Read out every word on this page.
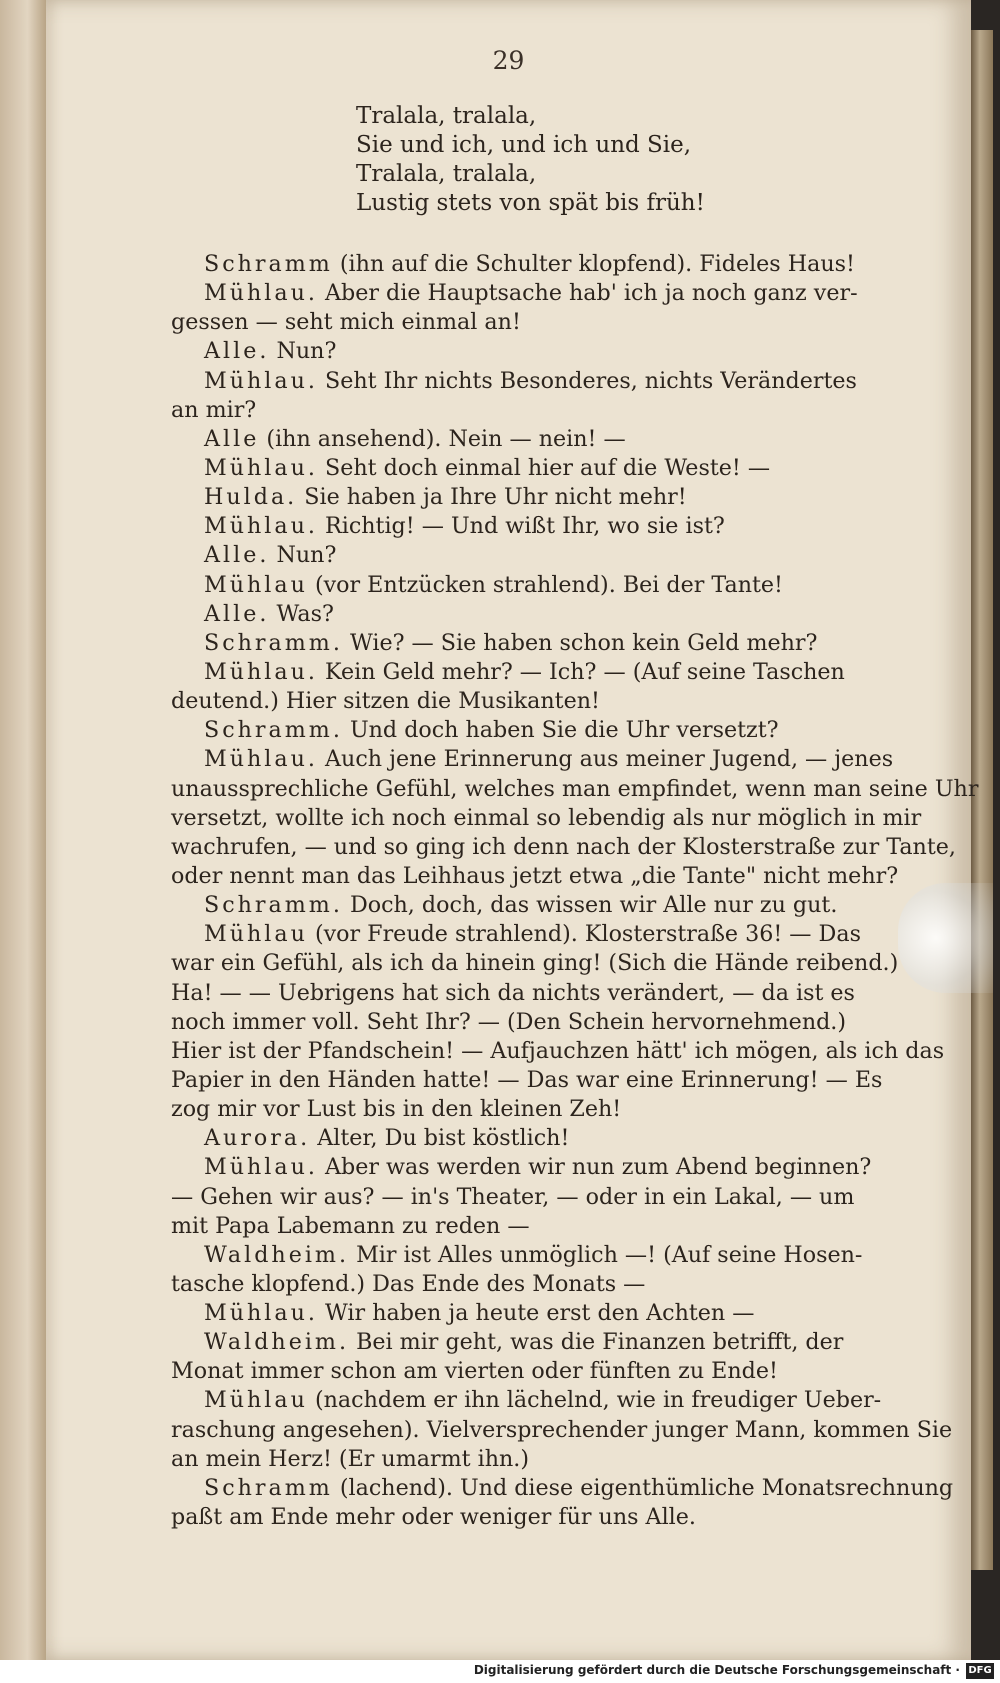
29
Tralala, tralala,
Sie und ich, und ich und Sie,
Tralala, tralala,
Lustig stets von spät bis früh!
Schramm (ihn auf die Schulter klopfend). Fideles Haus!
Mühlau. Aber die Hauptsache hab' ich ja noch ganz ver-
gessen — seht mich einmal an!
Alle. Nun?
Mühlau. Seht Ihr nichts Besonderes, nichts Verändertes
an mir?
Alle (ihn ansehend). Nein — nein! —
Mühlau. Seht doch einmal hier auf die Weste! —
Hulda. Sie haben ja Ihre Uhr nicht mehr!
Mühlau. Richtig! — Und wißt Ihr, wo sie ist?
Alle. Nun?
Mühlau (vor Entzücken strahlend). Bei der Tante!
Alle. Was?
Schramm. Wie? — Sie haben schon kein Geld mehr?
Mühlau. Kein Geld mehr? — Ich? — (Auf seine Taschen
deutend.) Hier sitzen die Musikanten!
Schramm. Und doch haben Sie die Uhr versetzt?
Mühlau. Auch jene Erinnerung aus meiner Jugend, — jenes
unaussprechliche Gefühl, welches man empfindet, wenn man seine Uhr
versetzt, wollte ich noch einmal so lebendig als nur möglich in mir
wachrufen, — und so ging ich denn nach der Klosterstraße zur Tante,
oder nennt man das Leihhaus jetzt etwa „die Tante" nicht mehr?
Schramm. Doch, doch, das wissen wir Alle nur zu gut.
Mühlau (vor Freude strahlend). Klosterstraße 36! — Das
war ein Gefühl, als ich da hinein ging! (Sich die Hände reibend.)
Ha! — — Uebrigens hat sich da nichts verändert, — da ist es
noch immer voll. Seht Ihr? — (Den Schein hervornehmend.)
Hier ist der Pfandschein! — Aufjauchzen hätt' ich mögen, als ich das
Papier in den Händen hatte! — Das war eine Erinnerung! — Es
zog mir vor Lust bis in den kleinen Zeh!
Aurora. Alter, Du bist köstlich!
Mühlau. Aber was werden wir nun zum Abend beginnen?
— Gehen wir aus? — in's Theater, — oder in ein Lakal, — um
mit Papa Labemann zu reden —
Waldheim. Mir ist Alles unmöglich —! (Auf seine Hosen-
tasche klopfend.) Das Ende des Monats —
Mühlau. Wir haben ja heute erst den Achten —
Waldheim. Bei mir geht, was die Finanzen betrifft, der
Monat immer schon am vierten oder fünften zu Ende!
Mühlau (nachdem er ihn lächelnd, wie in freudiger Ueber-
raschung angesehen). Vielversprechender junger Mann, kommen Sie
an mein Herz! (Er umarmt ihn.)
Schramm (lachend). Und diese eigenthümliche Monatsrechnung
paßt am Ende mehr oder weniger für uns Alle.
Digitalisierung gefördert durch die Deutsche Forschungsgemeinschaft · DFG
